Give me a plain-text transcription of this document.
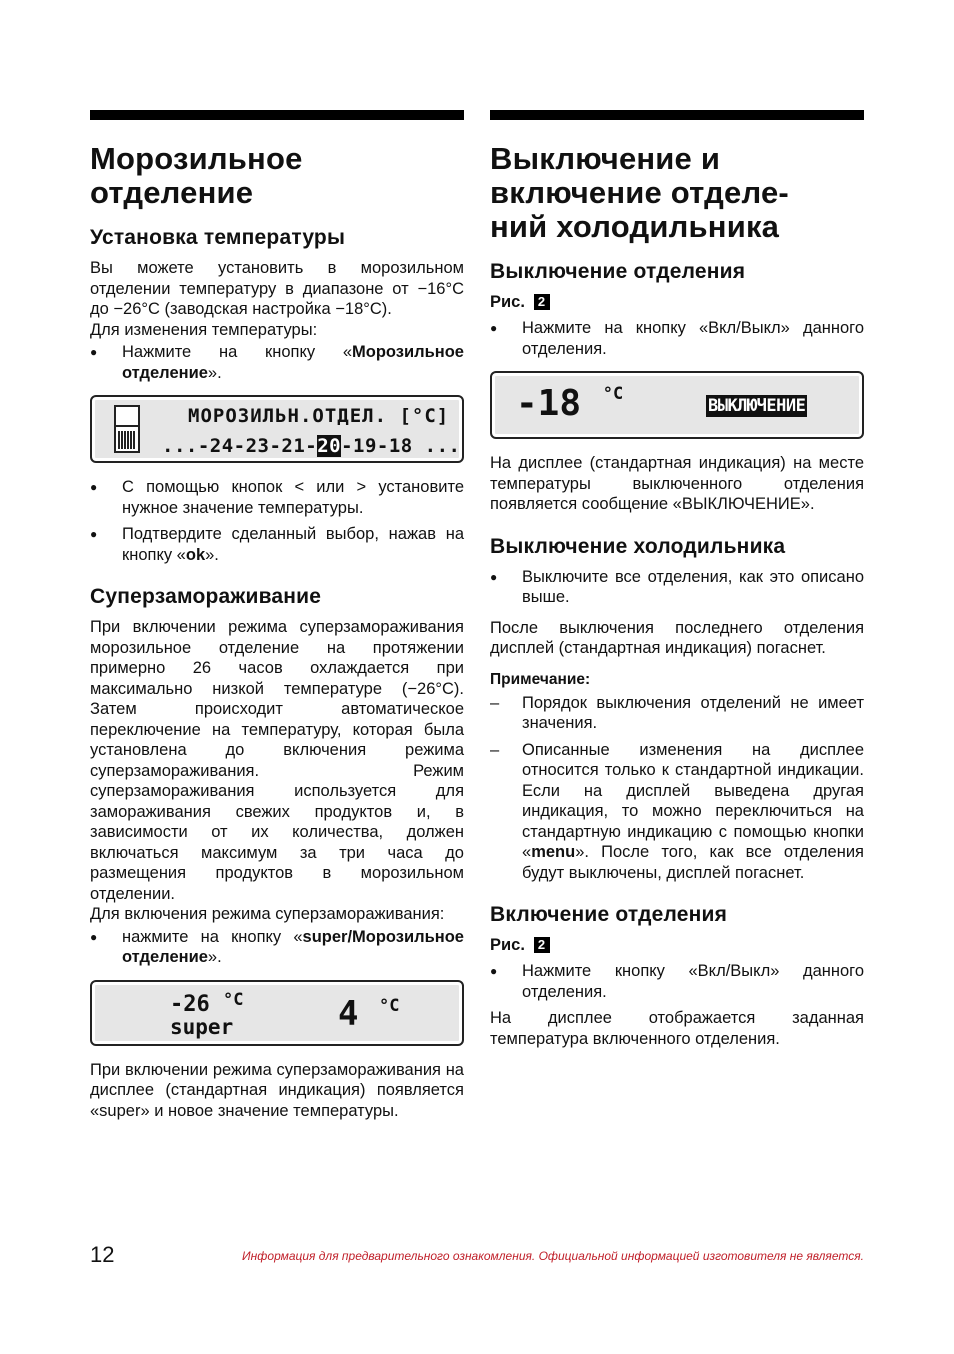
Морозильное
отделение
Установка температуры

Вы можете установить в морозильном отделении температуру в диапазоне от −16°C до −26°C (заводская настройка −18°C).

Для изменения температуры:

● Нажмите на кнопку «Морозильное отделение».
МОРОЗИЛЬН.ОТДЕЛ. [°C]
...-24-23-21-20-19-18 ...
● С помощью кнопок < или > установите нужное значение температуры.
● Подтвердите сделанный выбор, нажав на кнопку «ok».
Суперзамораживание

При включении режима суперзамораживания морозильное отделение на протяжении примерно 26 часов охлаждается при максимально низкой температуре (−26°C). Затем происходит автоматическое переключение на температуру, которая была установлена до включения режима суперзамораживания. Режим суперзамораживания используется для замораживания свежих продуктов и, в зависимости от их количества, должен включаться максимум за три часа до размещения продуктов в морозильном отделении.

Для включения режима суперзамораживания:

● нажмите на кнопку «super/Морозильное отделение».
-26 $^{^\circ C}$
super	4 $^{^\circ C}$

При включении режима суперзамораживания на дисплее (стандартная индикация) появляется «super» и новое значение температуры.

Выключение и
включение отделе-
ний холодильника
Выключение отделения
Рис. 2
● Нажмите на кнопку «Вкл/Выкл» данного отделения.
-18 $^{^\circ C}$
ВЫКЛЮЧЕНИЕ

На дисплее (стандартная индикация) на месте температуры выключенного отделения появляется сообщение «ВЫКЛЮЧЕНИЕ».

Выключение холодильника
● Выключите все отделения, как это описано выше.

После выключения последнего отделения дисплей (стандартная индикация) погаснет.

Примечание:
– Порядок выключения отделений не имеет значения.
– Описанные изменения на дисплее относится только к стандартной индикации. Если на дисплей выведена другая индикация, то можно переключиться на стандартную индикацию с помощью кнопки «menu». После того, как все отделения будут выключены, дисплей погаснет.
Включение отделения
Рис. 2
● Нажмите кнопку «Вкл/Выкл» данного отделения.

На дисплее отображается заданная температура включенного отделения.

12	Информация для предварительного ознакомления. Официальной информацией изготовителя не является.
